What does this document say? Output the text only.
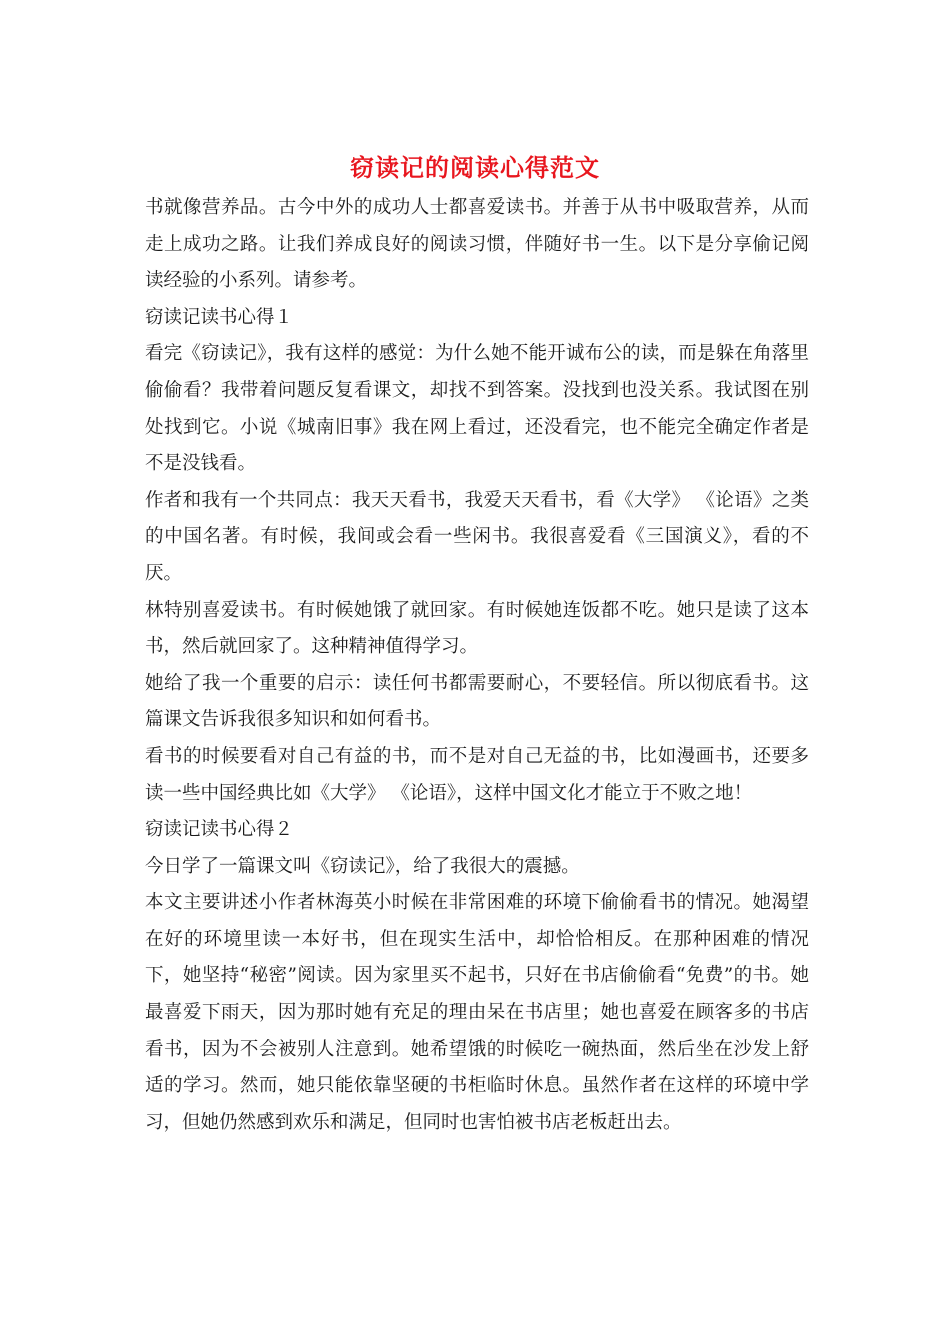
窃读记的阅读心得范文

书就像营养品。古今中外的成功人士都喜爱读书。并善于从书中吸取营养，从而走上成功之路。让我们养成良好的阅读习惯，伴随好书一生。以下是分享偷记阅读经验的小系列。请参考。

窃读记读书心得１

看完《窃读记》，我有这样的感觉：为什么她不能开诚布公的读，而是躲在角落里偷偷看？我带着问题反复看课文，却找不到答案。没找到也没关系。我试图在别处找到它。小说《城南旧事》我在网上看过，还没看完，也不能完全确定作者是不是没钱看。

作者和我有一个共同点：我天天看书，我爱天天看书，看《大学》 《论语》之类的中国名著。有时候，我间或会看一些闲书。我很喜爱看《三国演义》，看的不厌。

林特别喜爱读书。有时候她饿了就回家。有时候她连饭都不吃。她只是读了这本书，然后就回家了。这种精神值得学习。

她给了我一个重要的启示：读任何书都需要耐心，不要轻信。所以彻底看书。这篇课文告诉我很多知识和如何看书。

看书的时候要看对自己有益的书，而不是对自己无益的书，比如漫画书，还要多读一些中国经典比如《大学》 《论语》，这样中国文化才能立于不败之地！

窃读记读书心得２

今日学了一篇课文叫《窃读记》，给了我很大的震撼。

本文主要讲述小作者林海英小时候在非常困难的环境下偷偷看书的情况。她渴望在好的环境里读一本好书，但在现实生活中，却恰恰相反。在那种困难的情况下，她坚持“秘密”阅读。因为家里买不起书，只好在书店偷偷看“免费”的书。她最喜爱下雨天，因为那时她有充足的理由呆在书店里；她也喜爱在顾客多的书店看书，因为不会被别人注意到。她希望饿的时候吃一碗热面，然后坐在沙发上舒适的学习。然而，她只能依靠坚硬的书柜临时休息。虽然作者在这样的环境中学习，但她仍然感到欢乐和满足，但同时也害怕被书店老板赶出去。
